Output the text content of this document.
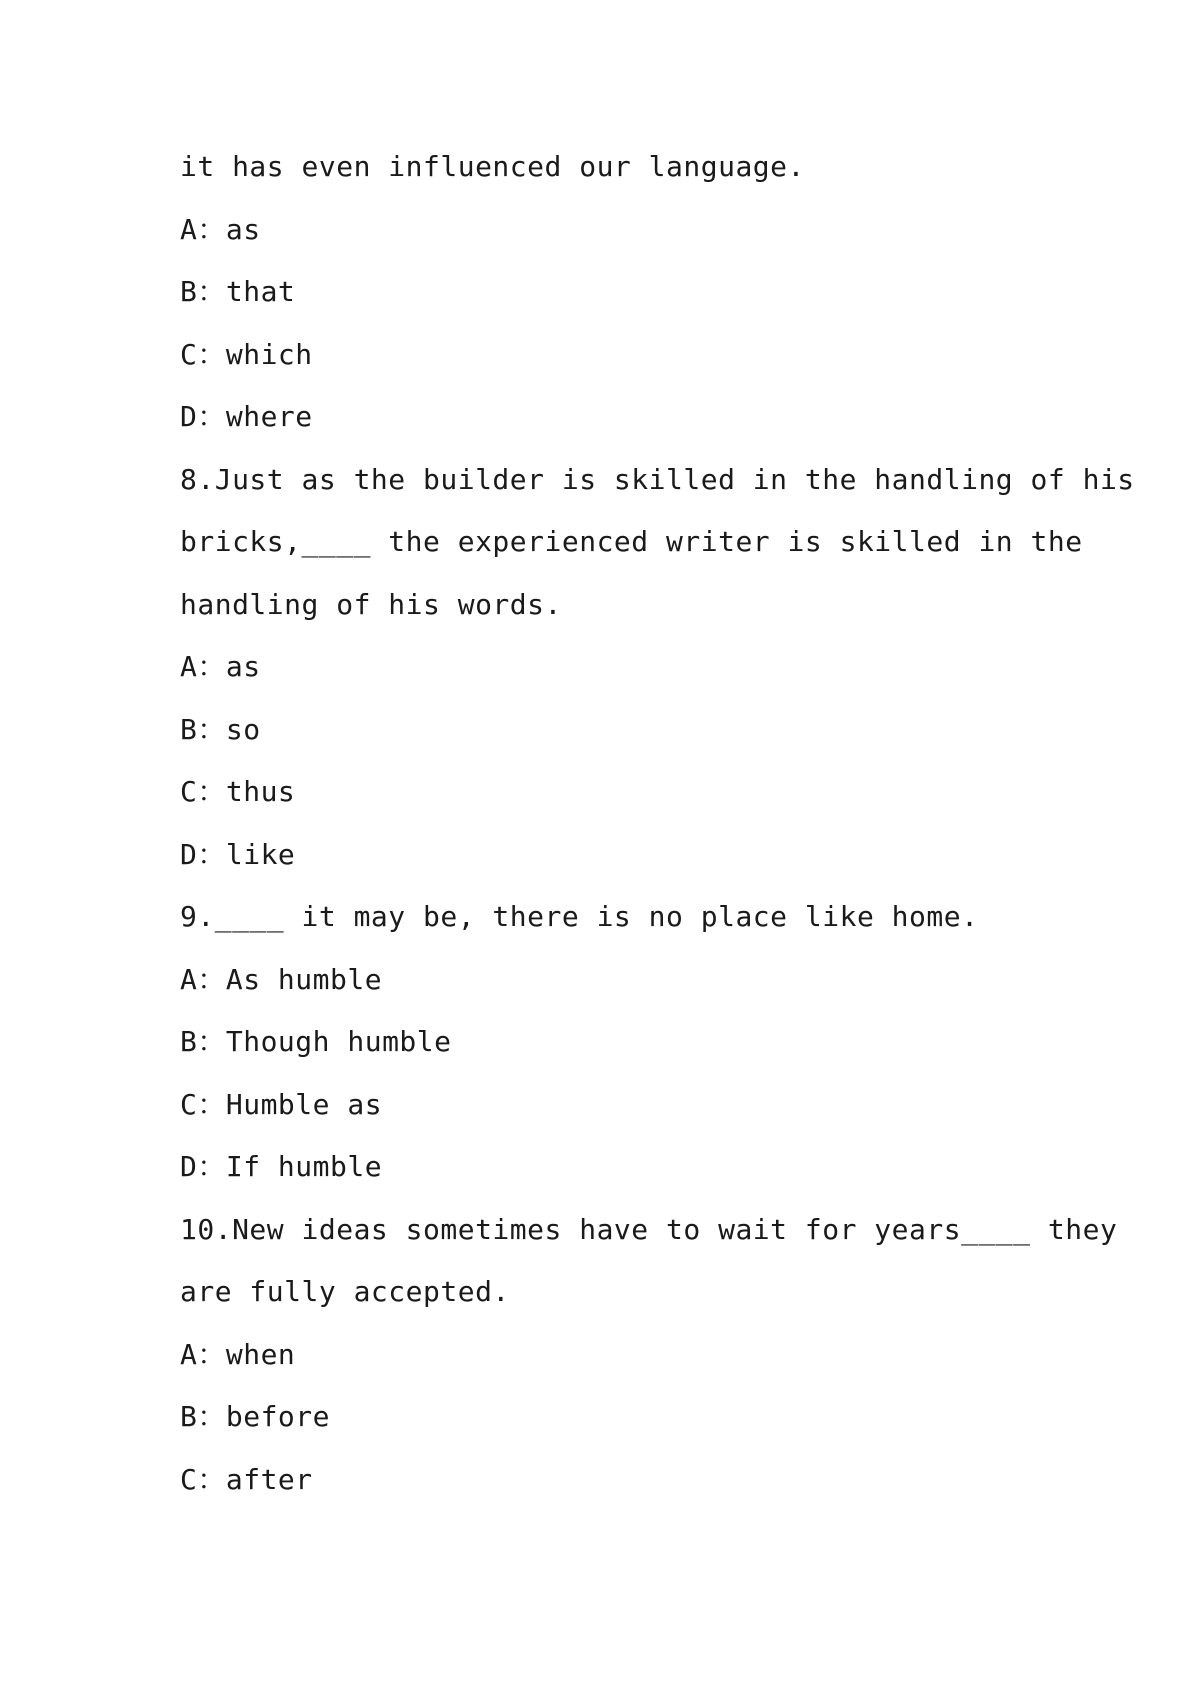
it has even influenced our language.
A：as
B：that
C：which
D：where
8.Just as the builder is skilled in the handling of his
bricks,____ the experienced writer is skilled in the
handling of his words.
A：as
B：so
C：thus
D：like
9.____ it may be, there is no place like home.
A：As humble
B：Though humble
C：Humble as
D：If humble
10.New ideas sometimes have to wait for years____ they
are fully accepted.
A：when
B：before
C：after
